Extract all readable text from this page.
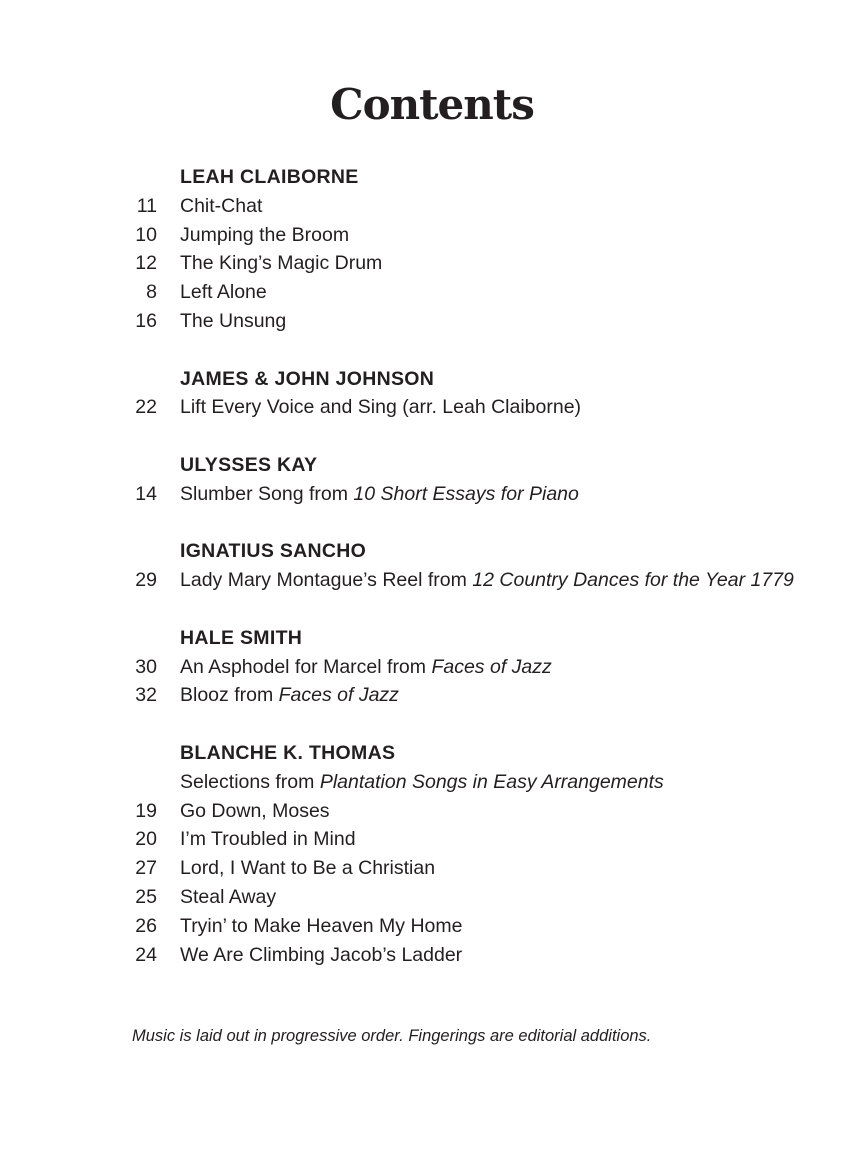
Contents
LEAH CLAIBORNE
11 Chit-Chat
10 Jumping the Broom
12 The King’s Magic Drum
8 Left Alone
16 The Unsung
JAMES & JOHN JOHNSON
22 Lift Every Voice and Sing (arr. Leah Claiborne)
ULYSSES KAY
14 Slumber Song from 10 Short Essays for Piano
IGNATIUS SANCHO
29 Lady Mary Montague’s Reel from 12 Country Dances for the Year 1779
HALE SMITH
30 An Asphodel for Marcel from Faces of Jazz
32 Blooz from Faces of Jazz
BLANCHE K. THOMAS
Selections from Plantation Songs in Easy Arrangements
19 Go Down, Moses
20 I’m Troubled in Mind
27 Lord, I Want to Be a Christian
25 Steal Away
26 Tryin’ to Make Heaven My Home
24 We Are Climbing Jacob’s Ladder
Music is laid out in progressive order. Fingerings are editorial additions.
